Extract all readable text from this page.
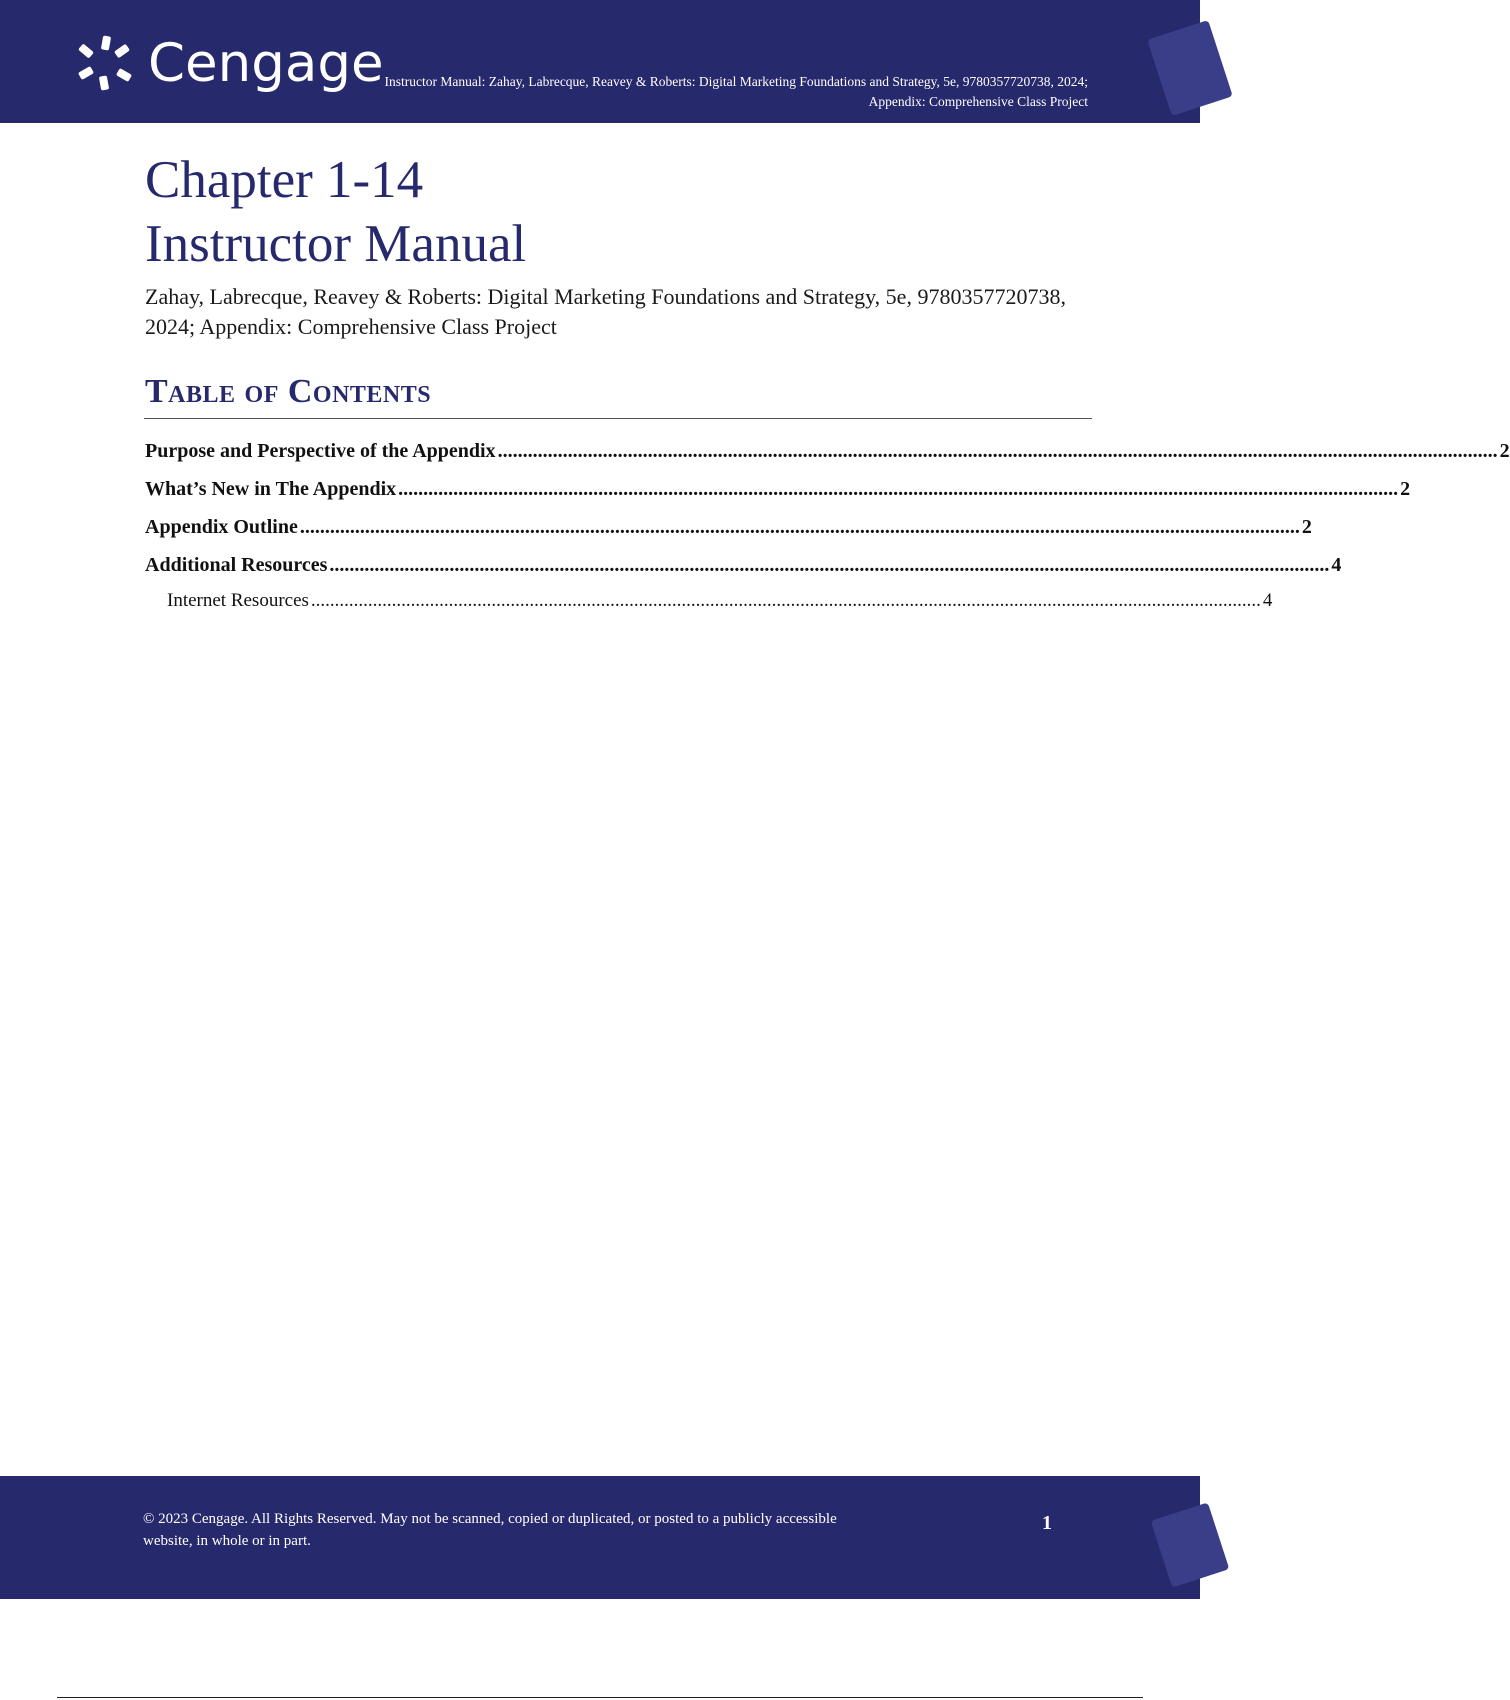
Cengage Instructor Manual: Zahay, Labrecque, Reavey & Roberts: Digital Marketing Foundations and Strategy, 5e, 9780357720738, 2024; Appendix: Comprehensive Class Project
Chapter 1-14
Instructor Manual
Zahay, Labrecque, Reavey & Roberts: Digital Marketing Foundations and Strategy, 5e, 9780357720738, 2024; Appendix: Comprehensive Class Project
Table of Contents
Purpose and Perspective of the Appendix ........................................................................................................................................................................................................ 2
What’s New in The Appendix ........................................................................................................................................................................................................ 2
Appendix Outline ........................................................................................................................................................................................................ 2
Additional Resources ........................................................................................................................................................................................................ 4
Internet Resources ........................................................................................................................................................................................................ 4
© 2023 Cengage. All Rights Reserved. May not be scanned, copied or duplicated, or posted to a publicly accessible website, in whole or in part.
1
